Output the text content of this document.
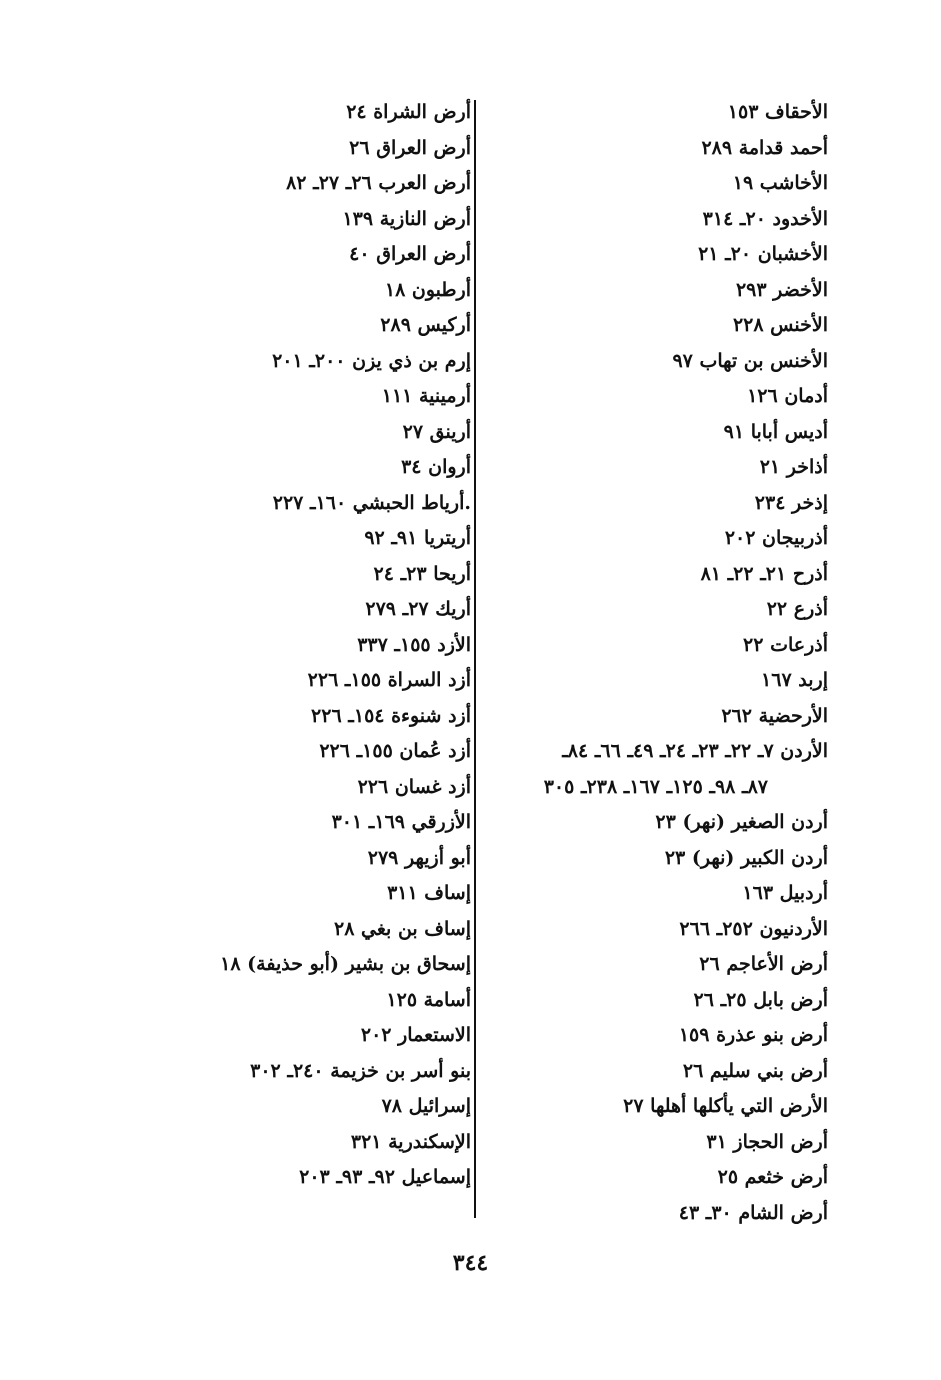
الأحقاف ١٥٣
أحمد قدامة ٢٨٩
الأخاشب ١٩
الأخدود ٢٠ـ ٣١٤
الأخشبان ٢٠ـ ٢١
الأخضر ٢٩٣
الأخنس ٢٢٨
الأخنس بن تهاب ٩٧
أدمان ١٢٦
أديس أبابا ٩١
أذاخر ٢١
إذخر ٢٣٤
أذربيجان ٢٠٢
أذرح ٢١ـ ٢٢ـ ٨١
أذرع ٢٢
أذرعات ٢٢
إربد ١٦٧
الأرحضية ٢٦٢
الأردن ٧ـ ٢٢ـ ٢٣ـ ٢٤ـ ٤٩ـ ٦٦ـ ٨٤ـ
٨٧ـ ٩٨ـ ١٢٥ـ ١٦٧ـ ٢٣٨ـ ٣٠٥
أردن الصغير (نهر) ٢٣
أردن الكبير (نهر) ٢٣
أردبيل ١٦٣
الأردنيون ٢٥٢ـ ٢٦٦
أرض الأعاجم ٢٦
أرض بابل ٢٥ـ ٢٦
أرض بنو عذرة ١٥٩
أرض بني سليم ٢٦
الأرض التي يأكلها أهلها ٢٧
أرض الحجاز ٣١
أرض خثعم ٢٥
أرض الشام ٣٠ـ ٤٣
أرض الشراة ٢٤
أرض العراق ٢٦
أرض العرب ٢٦ـ ٢٧ـ ٨٢
أرض النازية ١٣٩
أرض العراق ٤٠
أرطبون ١٨
أركيس ٢٨٩
إرم بن ذي يزن ٢٠٠ـ ٢٠١
أرمينية ١١١
أرينق ٢٧
أروان ٣٤
.أرياط الحبشي ١٦٠ـ ٢٢٧
أريتريا ٩١ـ ٩٢
أريحا ٢٣ـ ٢٤
أريك ٢٧ـ ٢٧٩
الأزد ١٥٥ـ ٣٣٧
أزد السراة ١٥٥ـ ٢٢٦
أزد شنوءة ١٥٤ـ ٢٢٦
أزد عُمان ١٥٥ـ ٢٢٦
أزد غسان ٢٢٦
الأزرقي ١٦٩ـ ٣٠١
أبو أزيهر ٢٧٩
إساف ٣١١
إساف بن بغي ٢٨
إسحاق بن بشير (أبو حذيفة) ١٨
أسامة ١٢٥
الاستعمار ٢٠٢
بنو أسر بن خزيمة ٢٤٠ـ ٣٠٢
إسرائيل ٧٨
الإسكندرية ٣٢١
إسماعيل ٩٢ـ ٩٣ـ ٢٠٣
٣٤٤
